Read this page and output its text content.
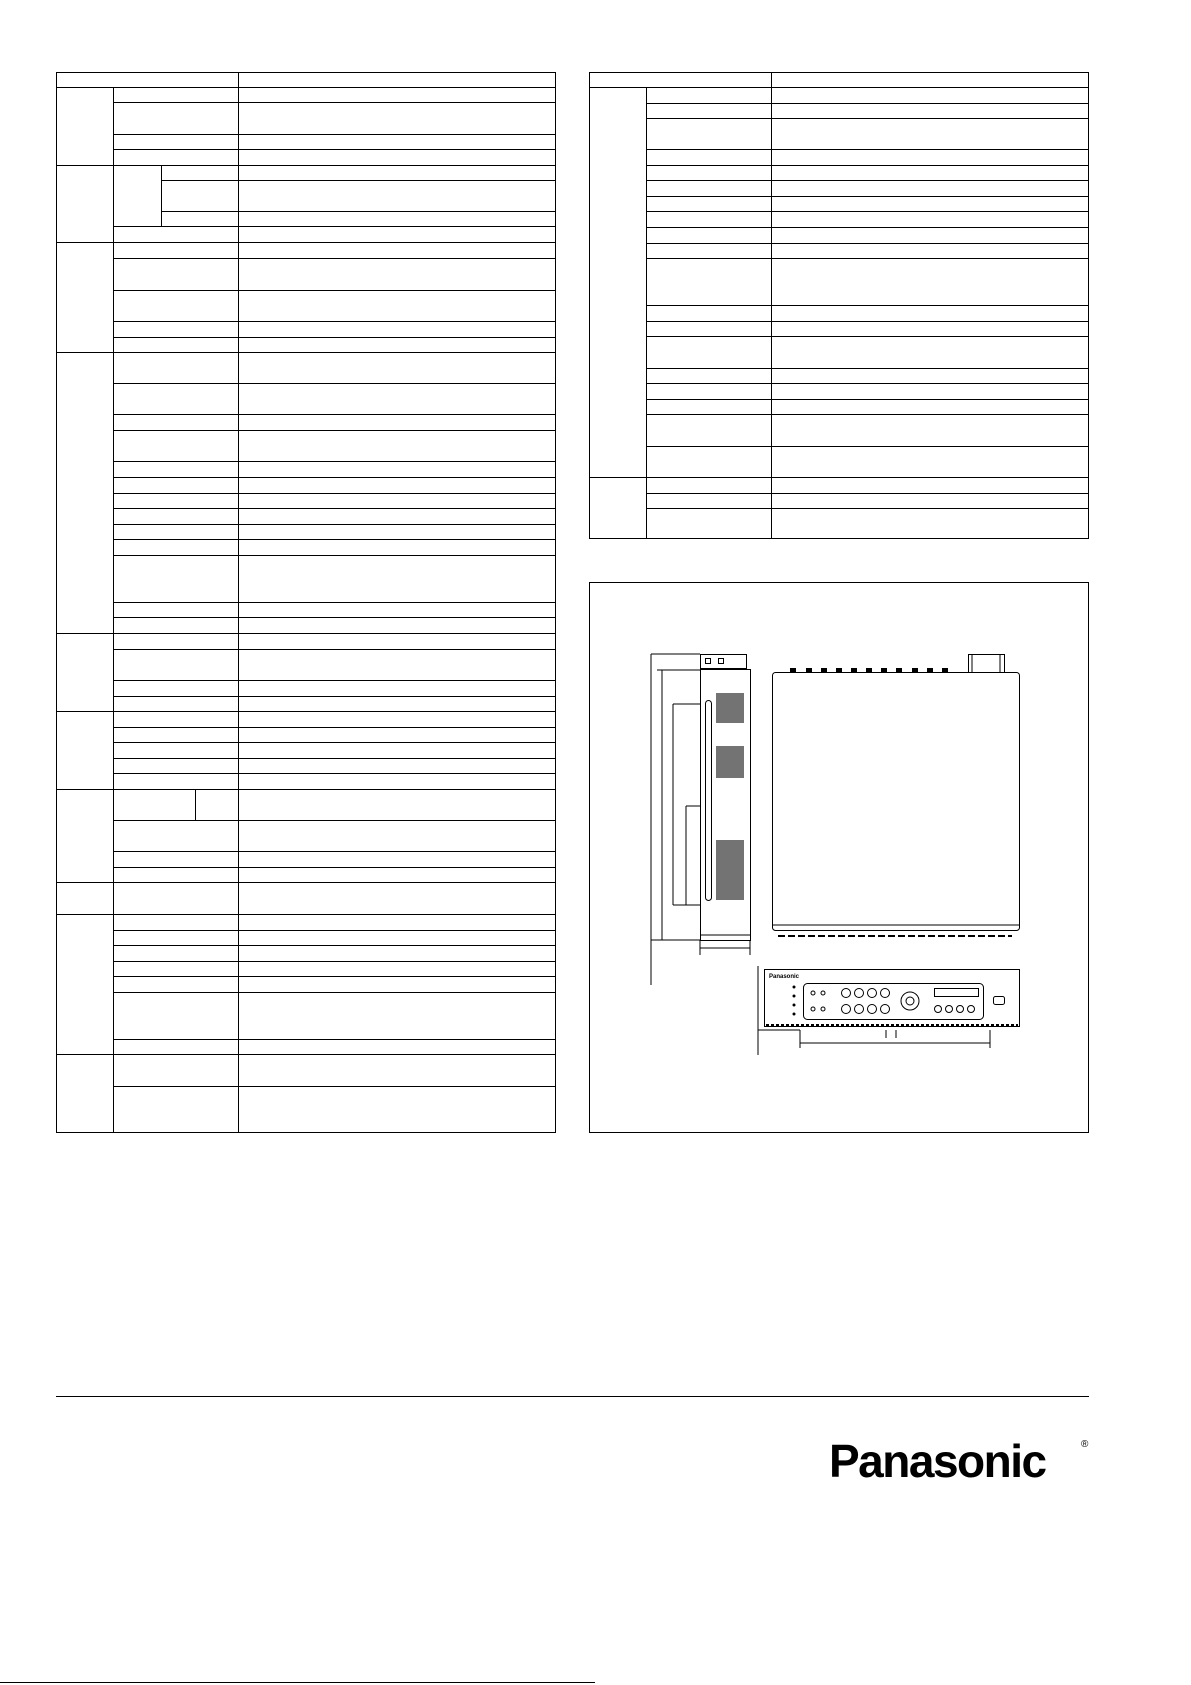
Panasonic
Panasonic	®
